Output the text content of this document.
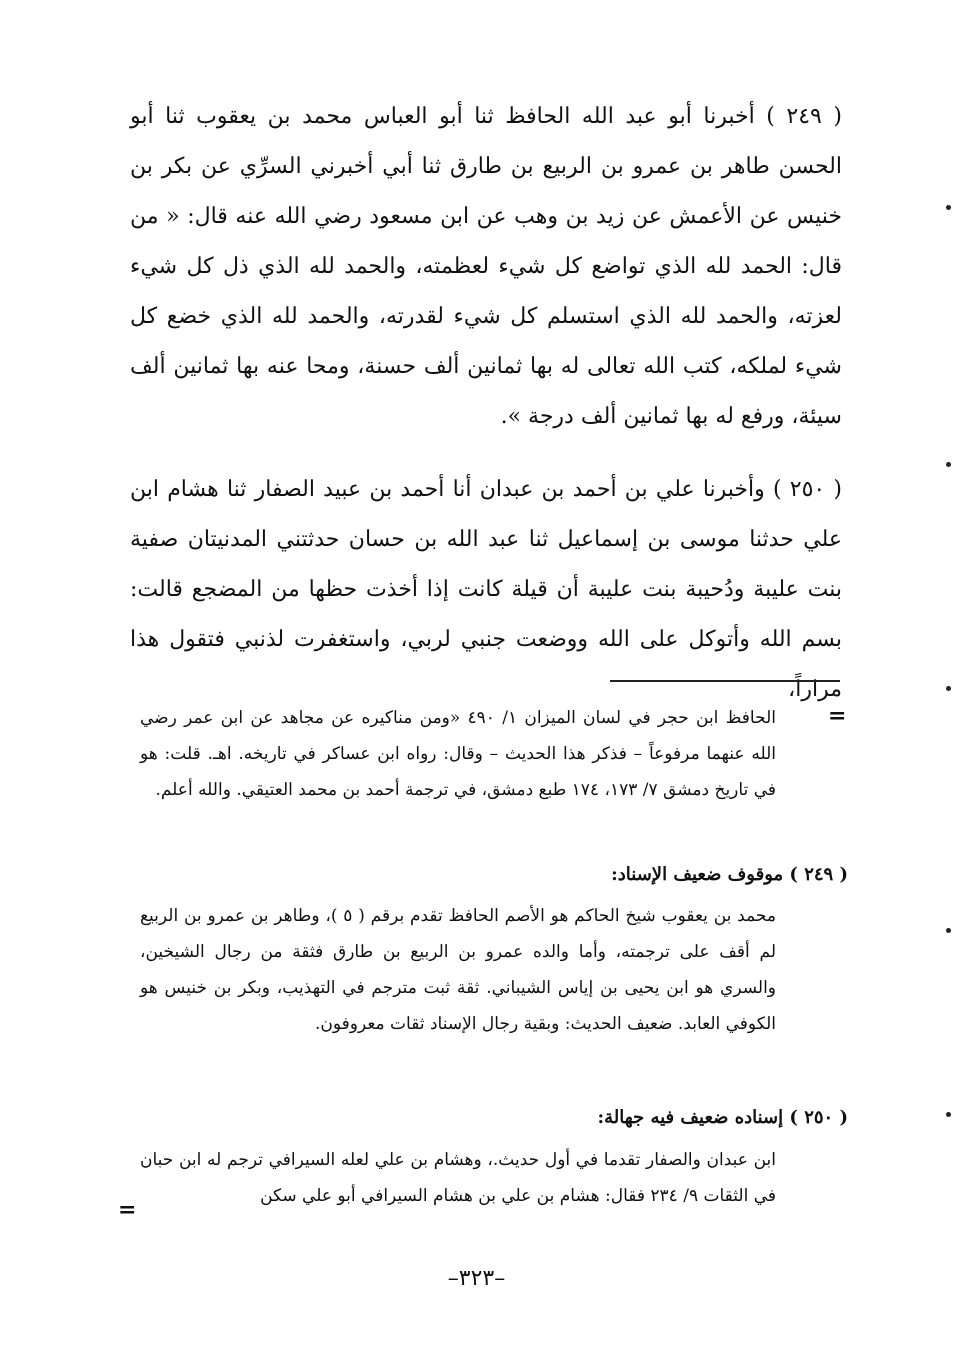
( ٢٤٩ ) أخبرنا أبو عبد الله الحافظ ثنا أبو العباس محمد بن يعقوب ثنا أبو الحسن طاهر بن عمرو بن الربيع بن طارق ثنا أبي أخبرني السرِّي عن بكر بن خنيس عن الأعمش عن زيد بن وهب عن ابن مسعود رضي الله عنه قال: « من قال: الحمد لله الذي تواضع كل شيء لعظمته، والحمد لله الذي ذل كل شيء لعزته، والحمد لله الذي استسلم كل شيء لقدرته، والحمد لله الذي خضع كل شيء لملكه، كتب الله تعالى له بها ثمانين ألف حسنة، ومحا عنه بها ثمانين ألف سيئة، ورفع له بها ثمانين ألف درجة ».

( ٢٥٠ ) وأخبرنا علي بن أحمد بن عبدان أنا أحمد بن عبيد الصفار ثنا هشام ابن علي حدثنا موسى بن إسماعيل ثنا عبد الله بن حسان حدثتني المدنيتان صفية بنت عليبة ودُحيبة بنت عليبة أن قيلة كانت إذا أخذت حظها من المضجع قالت: بسم الله وأتوكل على الله ووضعت جنبي لربي، واستغفرت لذنبي فتقول هذا مراراً،

=

الحافظ ابن حجر في لسان الميزان ١/ ٤٩٠ «ومن مناكيره عن مجاهد عن ابن عمر رضي الله عنهما مرفوعاً – فذكر هذا الحديث – وقال: رواه ابن عساكر في تاريخه. اهـ. قلت: هو في تاريخ دمشق ٧/ ١٧٣، ١٧٤ طبع دمشق، في ترجمة أحمد بن محمد العتيقي. والله أعلم.

( ٢٤٩ ) موقوف ضعيف الإسناد:

محمد بن يعقوب شيخ الحاكم هو الأصم الحافظ تقدم برقم ( ٥ )، وطاهر بن عمرو بن الربيع لم أقف على ترجمته، وأما والده عمرو بن الربيع بن طارق فثقة من رجال الشيخين، والسري هو ابن يحيى بن إياس الشيباني. ثقة ثبت مترجم في التهذيب، وبكر بن خنيس هو الكوفي العابد. ضعيف الحديث: وبقية رجال الإسناد ثقات معروفون.

( ٢٥٠ ) إسناده ضعيف فيه جهالة:

ابن عبدان والصفار تقدما في أول حديث.، وهشام بن علي لعله السيرافي ترجم له ابن حبان في الثقات ٩/ ٢٣٤ فقال: هشام بن علي بن هشام السيرافي أبو علي سكن

=
–٣٢٣–
